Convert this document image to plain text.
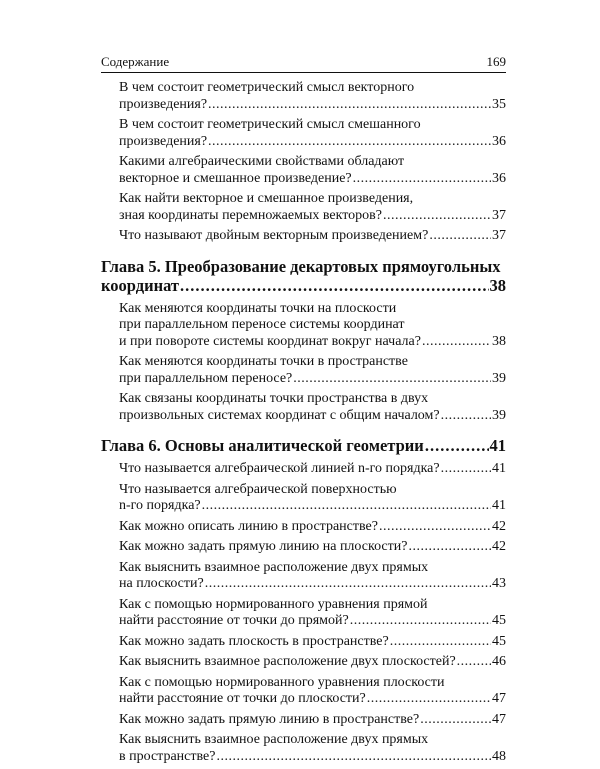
Содержание	169
В чем состоит геометрический смысл векторного
произведения? .....	35
В чем состоит геометрический смысл смешанного
произведения? .....	36
Какими алгебраическими свойствами обладают
векторное и смешанное произведение? .....	36
Как найти векторное и смешанное произведения,
зная координаты перемножаемых векторов? .....	37
Что называют двойным векторным произведением? .....	37
Глава 5. Преобразование декартовых прямоугольных
координат .....	38
Как меняются координаты точки на плоскости
при параллельном переносе системы координат
и при повороте системы координат вокруг начала? .....	38
Как меняются координаты точки в пространстве
при параллельном переносе? .....	39
Как связаны координаты точки пространства в двух
произвольных системах координат с общим началом? .....	39
Глава 6. Основы аналитической геометрии .....	41
Что называется алгебраической линией n-го порядка? .....	41
Что называется алгебраической поверхностью
n-го порядка? .....	41
Как можно описать линию в пространстве? .....	42
Как можно задать прямую линию на плоскости? .....	42
Как выяснить взаимное расположение двух прямых
на плоскости? .....	43
Как с помощью нормированного уравнения прямой
найти расстояние от точки до прямой? .....	45
Как можно задать плоскость в пространстве? .....	45
Как выяснить взаимное расположение двух плоскостей? .....	46
Как с помощью нормированного уравнения плоскости
найти расстояние от точки до плоскости? .....	47
Как можно задать прямую линию в пространстве? .....	47
Как выяснить взаимное расположение двух прямых
в пространстве? .....	48
